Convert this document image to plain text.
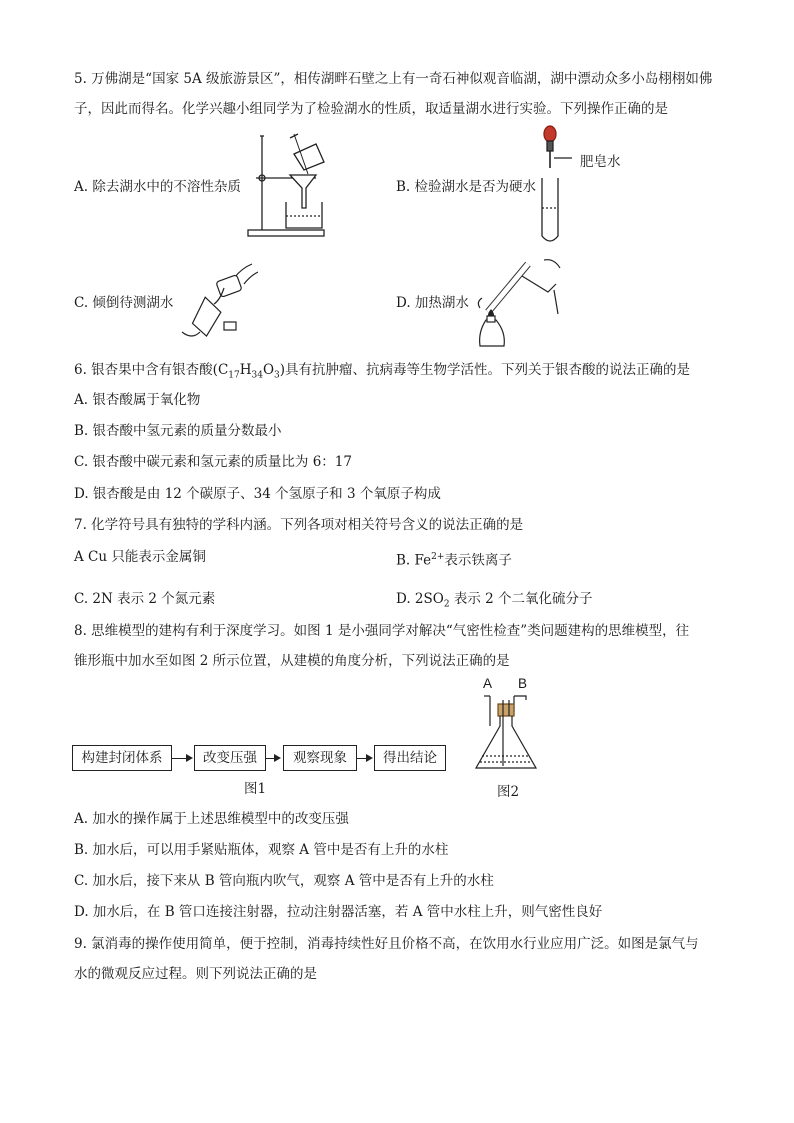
5. 万佛湖是“国家 5A 级旅游景区”，相传湖畔石壁之上有一奇石神似观音临湖，湖中漂动众多小岛栩栩如佛
子，因此而得名。化学兴趣小组同学为了检验湖水的性质，取适量湖水进行实验。下列操作正确的是
A. 除去湖水中的不溶性杂质	B. 检验湖水是否为硬水
C. 倾倒待测湖水	D. 加热湖水
肥皂水
6. 银杏果中含有银杏酸$(C_{17}H_{34}O_3)$具有抗肿瘤、抗病毒等生物学活性。下列关于银杏酸的说法正确的是
A. 银杏酸属于氧化物
B. 银杏酸中氢元素的质量分数最小
C. 银杏酸中碳元素和氢元素的质量比为 6：17
D. 银杏酸是由 12 个碳原子、34 个氢原子和 3 个氧原子构成
7. 化学符号具有独特的学科内涵。下列各项对相关符号含义的说法正确的是
A Cu 只能表示金属铜	B. $Fe^{2+}$表示铁离子
C. 2N 表示 2 个氮元素	D. $2SO_2$ 表示 2 个二氧化硫分子
8. 思维模型的建构有利于深度学习。如图 1 是小强同学对解决“气密性检查”类问题建构的思维模型，往
锥形瓶中加水至如图 2 所示位置，从建模的角度分析，下列说法正确的是
构建封闭体系	改变压强	观察现象	得出结论
图1
A B
图2
A. 加水的操作属于上述思维模型中的改变压强
B. 加水后，可以用手紧贴瓶体，观察 A 管中是否有上升的水柱
C. 加水后，接下来从 B 管向瓶内吹气，观察 A 管中是否有上升的水柱
D. 加水后，在 B 管口连接注射器，拉动注射器活塞，若 A 管中水柱上升，则气密性良好
9. 氯消毒的操作使用简单，便于控制，消毒持续性好且价格不高，在饮用水行业应用广泛。如图是氯气与
水的微观反应过程。则下列说法正确的是
